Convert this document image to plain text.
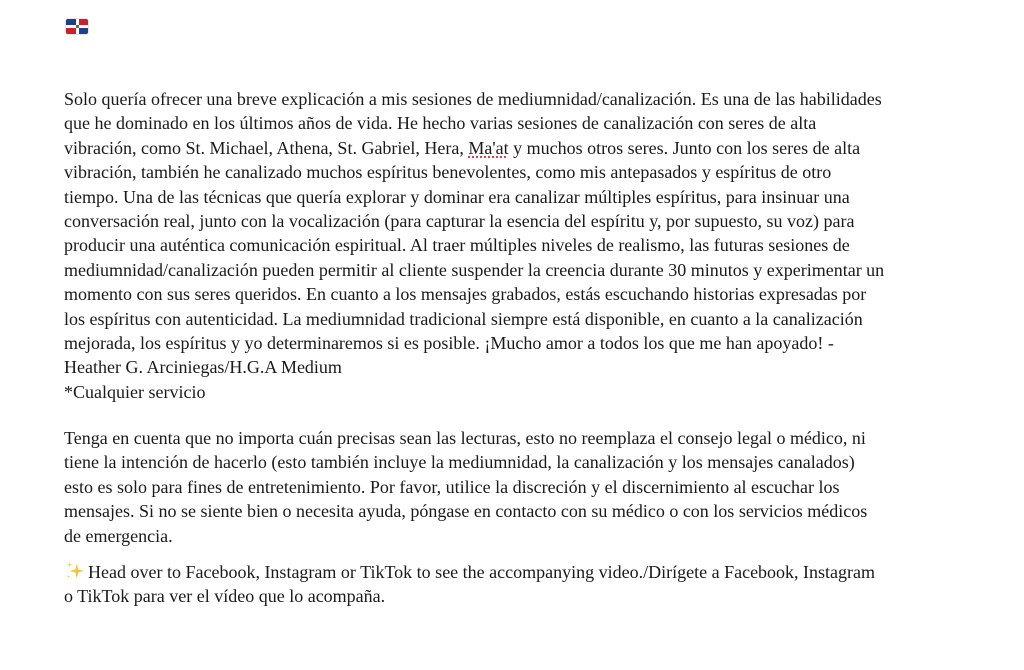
Solo quería ofrecer una breve explicación a mis sesiones de mediumnidad/canalización. Es una de las habilidades
que he dominado en los últimos años de vida. He hecho varias sesiones de canalización con seres de alta
vibración, como St. Michael, Athena, St. Gabriel, Hera, Ma'at y muchos otros seres. Junto con los seres de alta
vibración, también he canalizado muchos espíritus benevolentes, como mis antepasados y espíritus de otro
tiempo. Una de las técnicas que quería explorar y dominar era canalizar múltiples espíritus, para insinuar una
conversación real, junto con la vocalización (para capturar la esencia del espíritu y, por supuesto, su voz) para
producir una auténtica comunicación espiritual. Al traer múltiples niveles de realismo, las futuras sesiones de
mediumnidad/canalización pueden permitir al cliente suspender la creencia durante 30 minutos y experimentar un
momento con sus seres queridos. En cuanto a los mensajes grabados, estás escuchando historias expresadas por
los espíritus con autenticidad. La mediumnidad tradicional siempre está disponible, en cuanto a la canalización
mejorada, los espíritus y yo determinaremos si es posible. ¡Mucho amor a todos los que me han apoyado! -
Heather G. Arciniegas/H.G.A Medium

*Cualquier servicio

Tenga en cuenta que no importa cuán precisas sean las lecturas, esto no reemplaza el consejo legal o médico, ni
tiene la intención de hacerlo (esto también incluye la mediumnidad, la canalización y los mensajes canalados)
esto es solo para fines de entretenimiento. Por favor, utilice la discreción y el discernimiento al escuchar los
mensajes. Si no se siente bien o necesita ayuda, póngase en contacto con su médico o con los servicios médicos
de emergencia.

Head over to Facebook, Instagram or TikTok to see the accompanying video./Dirígete a Facebook, Instagram
o TikTok para ver el vídeo que lo acompaña.
